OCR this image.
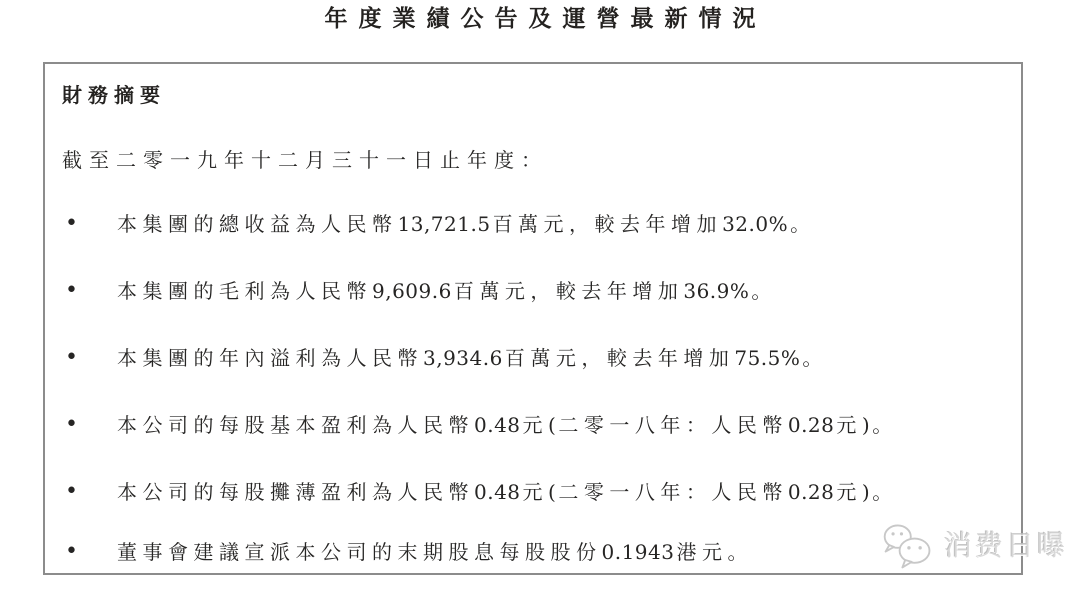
年度業績公告及運營最新情況
財務摘要
截至二零一九年十二月三十一日止年度：
•	本集團的總收益為人民幣13,721.5 百萬元，較去年增加32.0% 。
•	本集團的毛利為人民幣9,609.6 百萬元，較去年增加36.9% 。
•	本集團的年內溢利為人民幣3,934.6 百萬元，較去年增加75.5% 。
•	本公司的每股基本盈利為人民幣0.48 元( 二零一八年：人民幣0.28 元) 。
•	本公司的每股攤薄盈利為人民幣0.48 元( 二零一八年：人民幣0.28 元) 。
•	董事會建議宣派本公司的末期股息每股股份0.1943 港元。	消费日曝
